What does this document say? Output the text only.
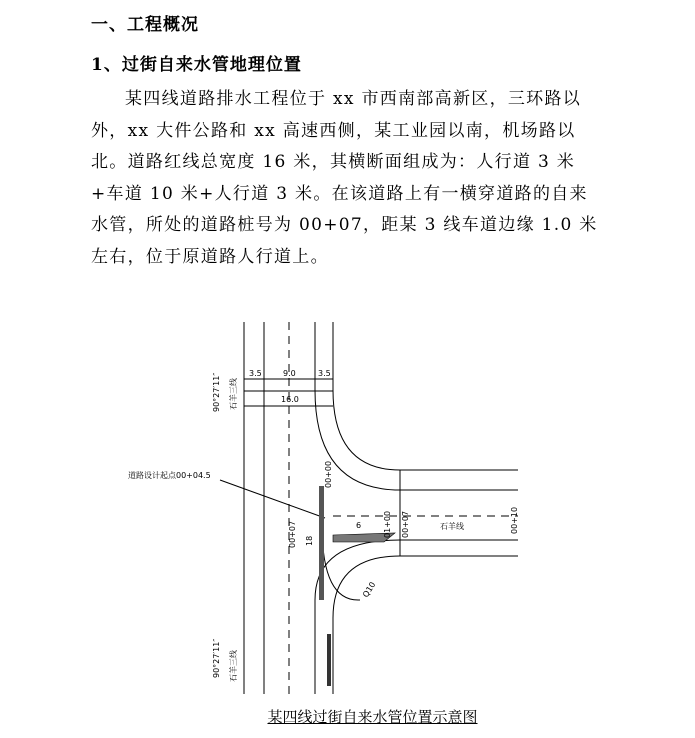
一、工程概况
1、过街自来水管地理位置

某四线道路排水工程位于 xx 市西南部高新区，三环路以外，xx 大件公路和 xx 高速西侧，某工业园以南，机场路以北。道路红线总宽度 16 米，其横断面组成为：人行道 3 米+车道 10 米+人行道 3 米。在该道路上有一横穿道路的自来水管，所处的道路桩号为 00+07，距某 3 线车道边缘 1.0 米左右，位于原道路人行道上。

3.5	9.0	3.5
16.0
道路设计起点00+04.5
6	石羊线
石羊三线
90°27′11″
石羊三线
90°27′11″
00+00
00+07	01+00 00+07
18
00+10
Q10
某四线过街自来水管位置示意图
